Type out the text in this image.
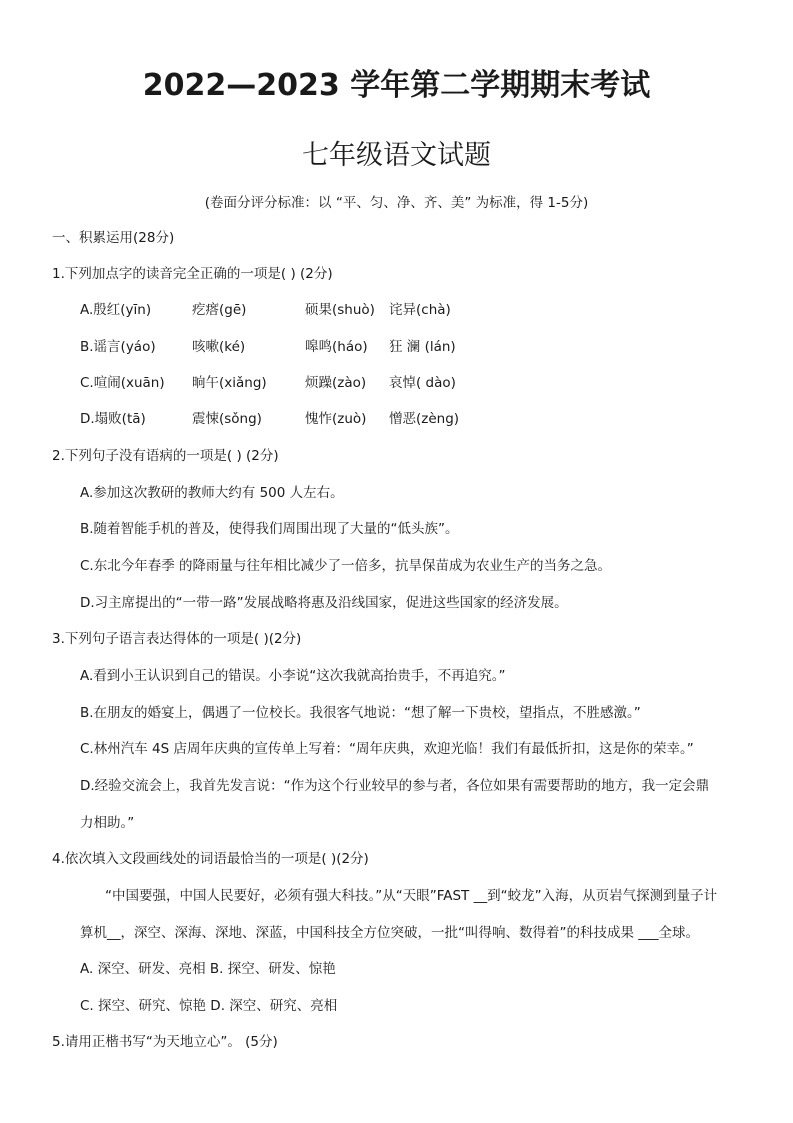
2022—2023 学年第二学期期末考试
七年级语文试题
(卷面分评分标准：以 “平、匀、净、齐、美” 为标准，得 1-5分)
一、积累运用(28分)
1.下列加点字的读音完全正确的一项是( ) (2分)
A.殷红(yīn)	疙瘩(gē)	硕果(shuò) 诧异(chà)
B.谣言(yáo)	咳嗽(ké)	嗥鸣(háo) 狂 澜 (lán)
C.喧闹(xuān) 晌午(xiǎng)	烦躁(zào) 哀悼( dào)
D.塌败(tā)	震悚(sǒng)	愧怍(zuò) 憎恶(zèng)
2.下列句子没有语病的一项是( ) (2分)
A.参加这次教研的教师大约有 500 人左右。
B.随着智能手机的普及，使得我们周围出现了大量的“低头族”。
C.东北今年春季 的降雨量与往年相比减少了一倍多，抗旱保苗成为农业生产的当务之急。
D.习主席提出的“一带一路”发展战略将惠及沿线国家，促进这些国家的经济发展。
3.下列句子语言表达得体的一项是( )(2分)
A.看到小王认识到自己的错误。小李说“这次我就高抬贵手，不再追究。”
B.在朋友的婚宴上，偶遇了一位校长。我很客气地说：“想了解一下贵校，望指点，不胜感激。”
C.林州汽车 4S 店周年庆典的宣传单上写着：“周年庆典，欢迎光临！我们有最低折扣，这是你的荣幸。”
D.经验交流会上，我首先发言说：“作为这个行业较早的参与者，各位如果有需要帮助的地方，我一定会鼎
力相助。”
4.依次填入文段画线处的词语最恰当的一项是( )(2分)
“中国要强，中国人民要好，必须有强大科技。”从“天眼”FAST __到“蛟龙”入海，从页岩气探测到量子计
算机__，深空、深海、深地、深蓝，中国科技全方位突破，一批“叫得响、数得着”的科技成果 ___全球。
A. 深空、研发、亮相 B. 探空、研发、惊艳
C. 探空、研究、惊艳 D. 深空、研究、亮相
5.请用正楷书写“为天地立心”。 (5分)
